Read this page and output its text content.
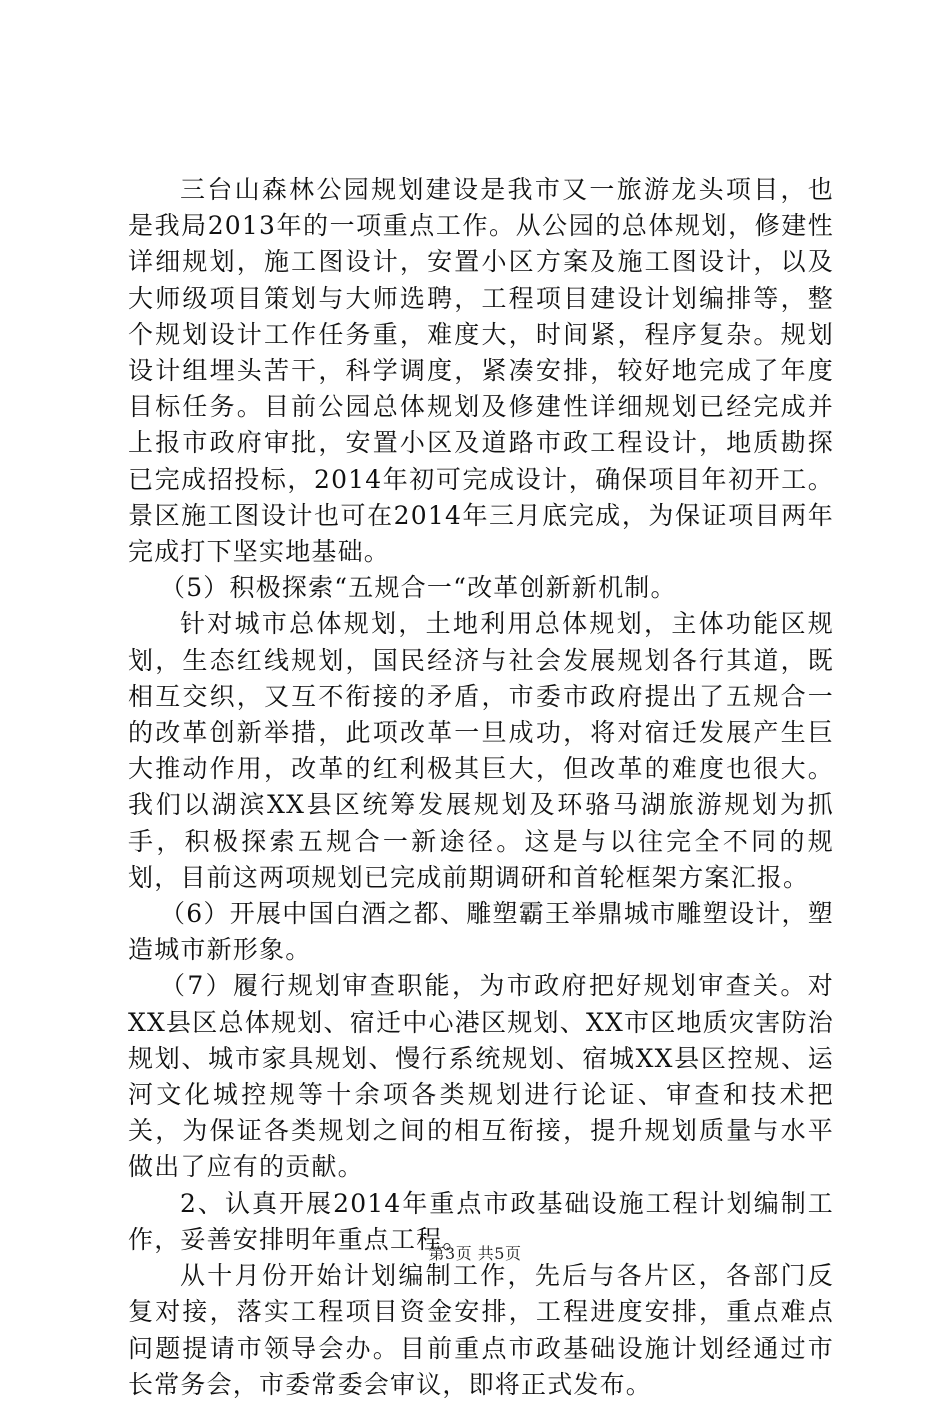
三台山森林公园规划建设是我市又一旅游龙头项目，也是我局2013年的一项重点工作。从公园的总体规划，修建性详细规划，施工图设计，安置小区方案及施工图设计，以及大师级项目策划与大师选聘，工程项目建设计划编排等，整个规划设计工作任务重，难度大，时间紧，程序复杂。规划设计组埋头苦干，科学调度，紧凑安排，较好地完成了年度目标任务。目前公园总体规划及修建性详细规划已经完成并上报市政府审批，安置小区及道路市政工程设计，地质勘探已完成招投标，2014年初可完成设计，确保项目年初开工。景区施工图设计也可在2014年三月底完成，为保证项目两年完成打下坚实地基础。

（5）积极探索“五规合一“改革创新新机制。

针对城市总体规划，土地利用总体规划，主体功能区规划，生态红线规划，国民经济与社会发展规划各行其道，既相互交织，又互不衔接的矛盾，市委市政府提出了五规合一的改革创新举措，此项改革一旦成功，将对宿迁发展产生巨大推动作用，改革的红利极其巨大，但改革的难度也很大。我们以湖滨XX县区统筹发展规划及环骆马湖旅游规划为抓手，积极探索五规合一新途径。这是与以往完全不同的规划，目前这两项规划已完成前期调研和首轮框架方案汇报。

（6）开展中国白酒之都、雕塑霸王举鼎城市雕塑设计，塑造城市新形象。

（7）履行规划审查职能，为市政府把好规划审查关。对XX县区总体规划、宿迁中心港区规划、XX市区地质灾害防治规划、城市家具规划、慢行系统规划、宿城XX县区控规、运河文化城控规等十余项各类规划进行论证、审查和技术把关，为保证各类规划之间的相互衔接，提升规划质量与水平做出了应有的贡献。

2、认真开展2014年重点市政基础设施工程计划编制工作，妥善安排明年重点工程。

从十月份开始计划编制工作，先后与各片区，各部门反复对接，落实工程项目资金安排，工程进度安排，重点难点问题提请市领导会办。目前重点市政基础设施计划经通过市长常务会，市委常委会审议，即将正式发布。

第3页 共5页
